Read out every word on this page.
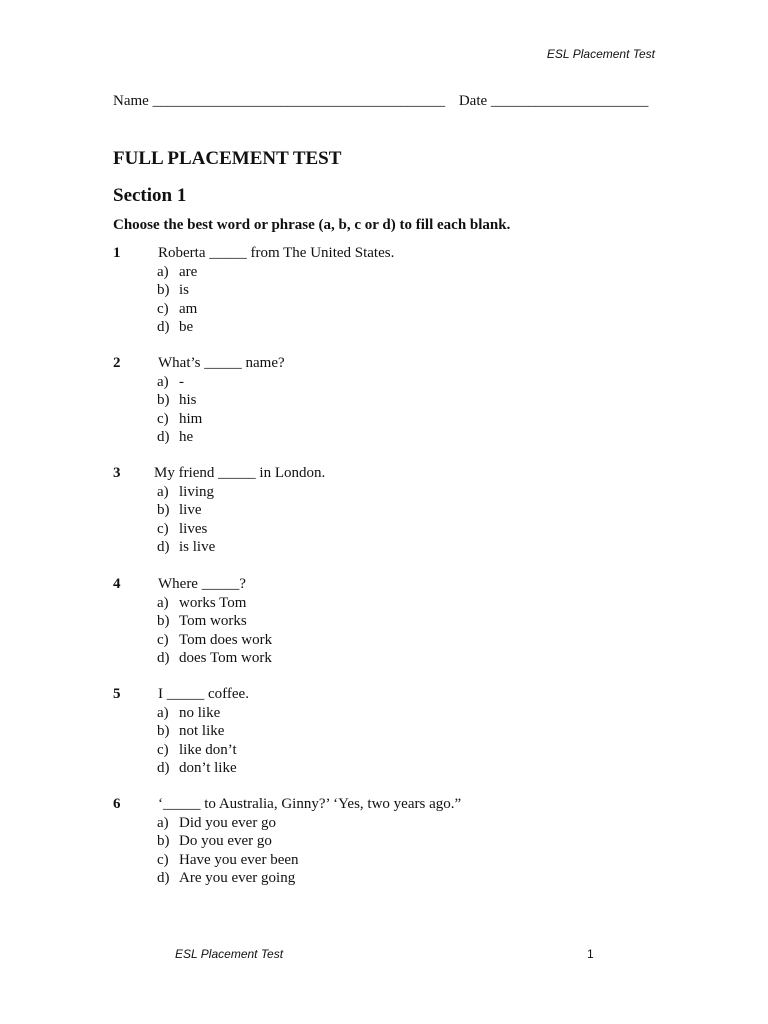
ESL Placement Test
Name _______________________________________ Date _____________________
FULL PLACEMENT TEST
Section 1

Choose the best word or phrase (a, b, c or d) to fill each blank.

1	Roberta _____ from The United States.
a) are
b) is
c) am
d) be
2	What’s _____ name?
a) -
b) his
c) him
d) he
3	My friend _____ in London.
a) living
b) live
c) lives
d) is live
4	Where _____?
a) works Tom
b) Tom works
c) Tom does work
d) does Tom work
5	I _____ coffee.
a) no like
b) not like
c) like don’t
d) don’t like
6	‘_____ to Australia, Ginny?’ ‘Yes, two years ago.”
a) Did you ever go
b) Do you ever go
c) Have you ever been
d) Are you ever going
ESL Placement Test	1
